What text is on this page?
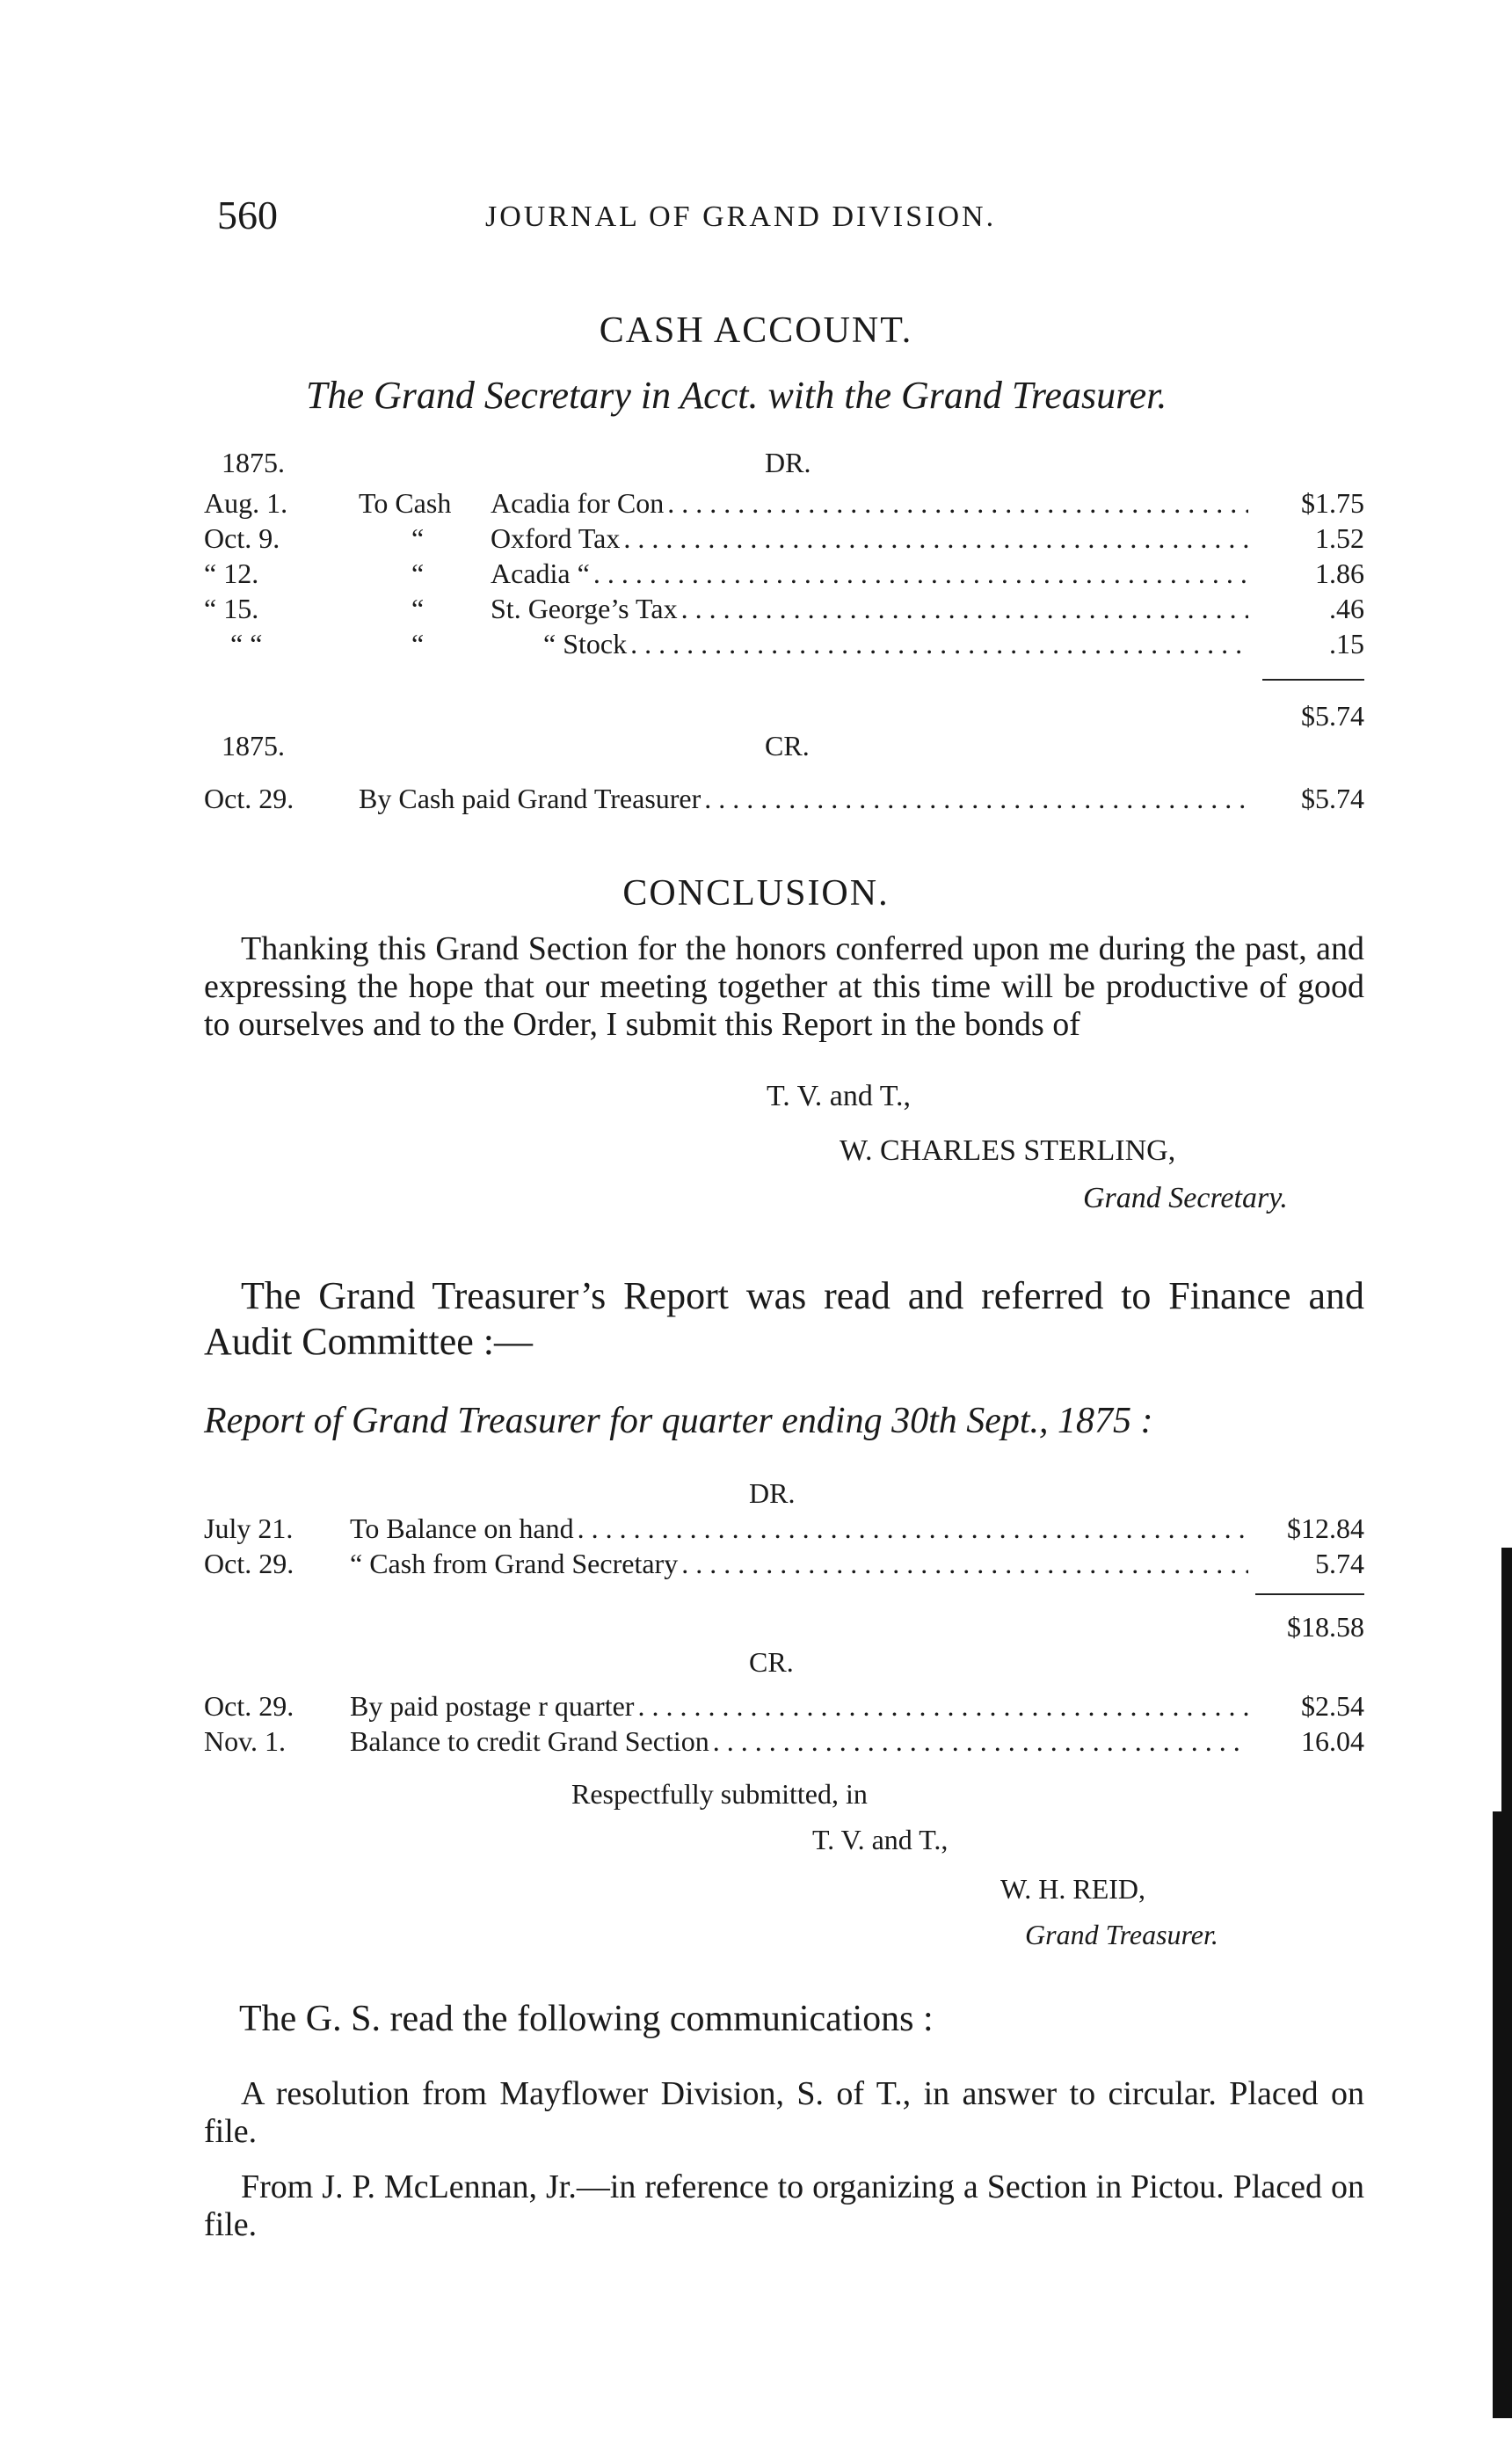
560	JOURNAL OF GRAND DIVISION.
CASH ACCOUNT.
The Grand Secretary in Acct. with the Grand Treasurer.
1875.	DR.
Aug. 1.	To Cash	Acadia for Con . . .	$1.75
Oct. 9.	“	Oxford Tax . . .	1.52
“ 12.	“	Acadia “ . . .	1.86
“ 15.	“	St. George’s Tax . . .	.46
“ “	“	“ Stock . . .	.15
$5.74
1875.	CR.
Oct. 29.	By Cash paid Grand Treasurer . . .	$5.74
CONCLUSION.
Thanking this Grand Section for the honors conferred upon me during the past, and expressing the hope that our meeting together at this time will be productive of good to ourselves and to the Order, I submit this Report in the bonds of
T. V. and T.,
W. CHARLES STERLING,
Grand Secretary.
The Grand Treasurer’s Report was read and referred to Finance and Audit Committee :—
Report of Grand Treasurer for quarter ending 30th Sept., 1875 :
DR.
July 21.	To Balance on hand . . .	$12.84
Oct. 29.	“ Cash from Grand Secretary . . .	5.74
$18.58
CR.
Oct. 29.	By paid postage r quarter . . .	$2.54
Nov. 1.	Balance to credit Grand Section . . .	16.04
Respectfully submitted, in
T. V. and T.,
W. H. REID,
Grand Treasurer.
The G. S. read the following communications :
A resolution from Mayflower Division, S. of T., in answer to circular. Placed on file.
From J. P. McLennan, Jr.—in reference to organizing a Section in Pictou. Placed on file.
